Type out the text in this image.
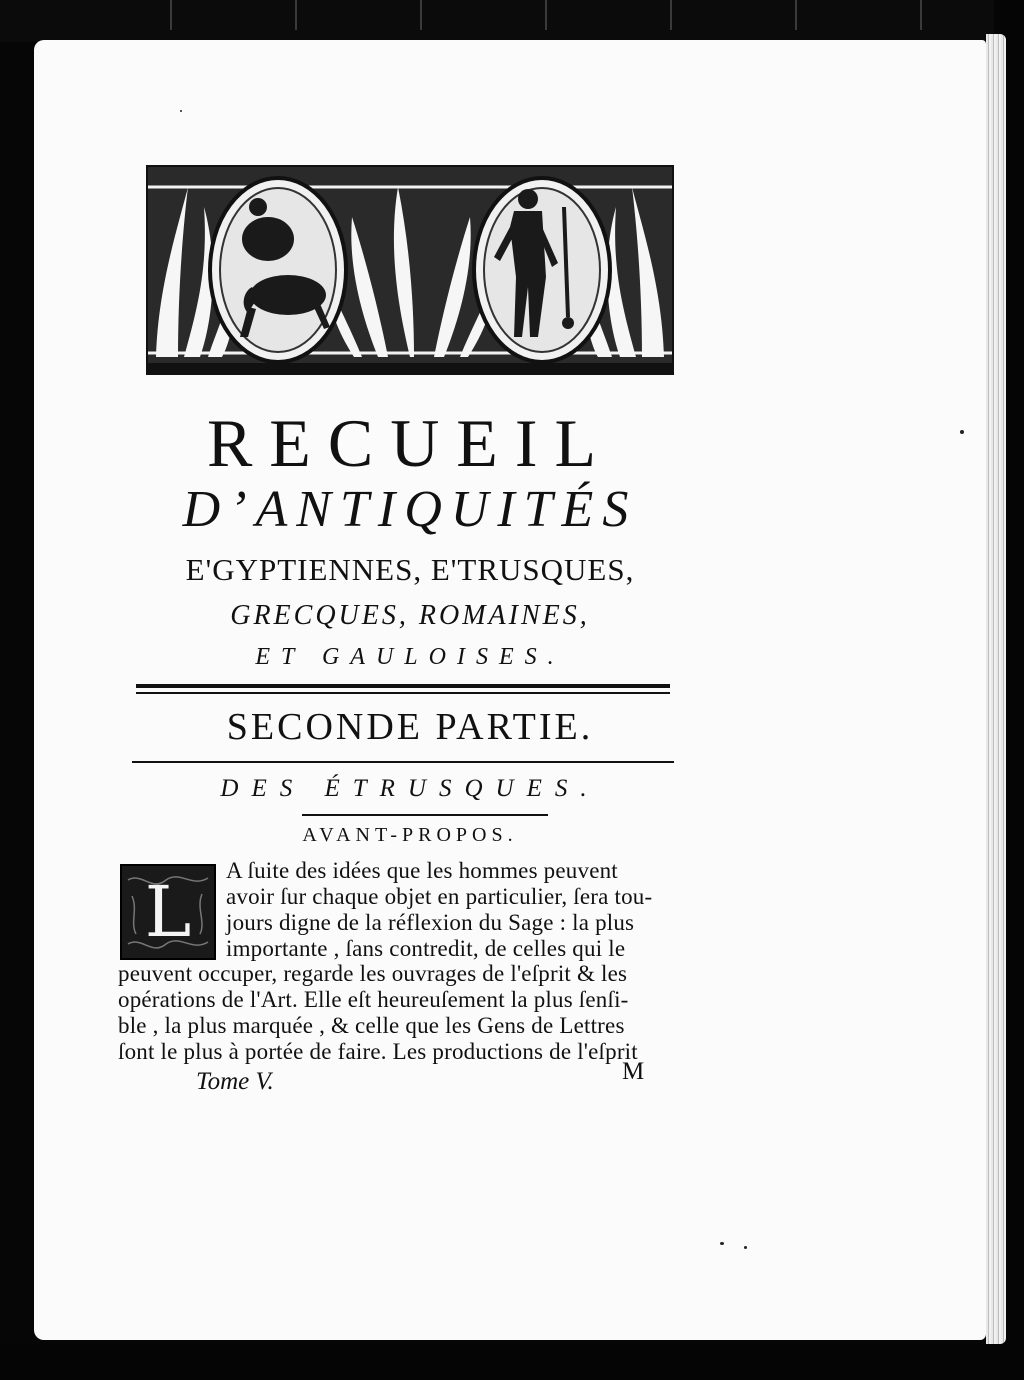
RECUEIL
D’ANTIQUITÉS
E'GYPTIENNES, E'TRUSQUES,
GRECQUES, ROMAINES,
ET GAULOISES.
SECONDE PARTIE.
DES ÉTRUSQUES.
AVANT-PROPOS.
L
A ſuite des idées que les hommes peuvent
avoir ſur chaque objet en particulier, ſera tou-
jours digne de la réflexion du Sage : la plus
importante , ſans contredit, de celles qui le
peuvent occuper, regarde les ouvrages de l'eſprit & les
opérations de l'Art. Elle eſt heureuſement la plus ſenſi-
ble , la plus marquée , & celle que les Gens de Lettres
ſont le plus à portée de faire. Les productions de l'eſprit
Tome V.	M
